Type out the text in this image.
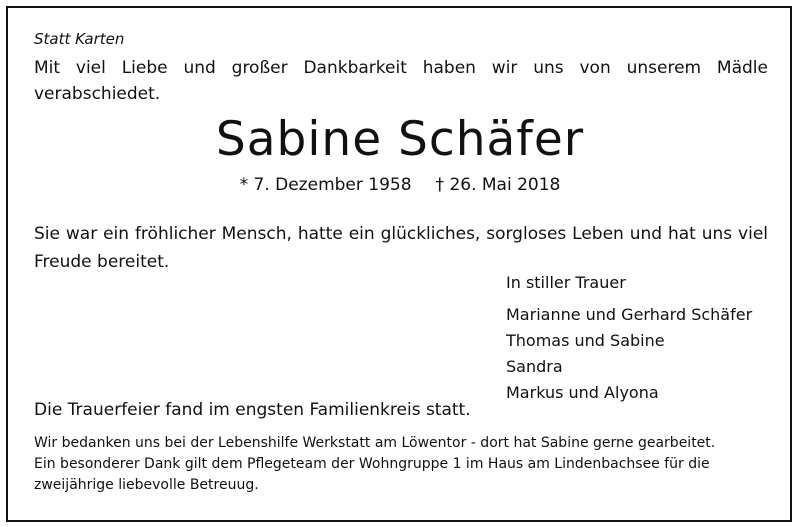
Statt Karten
Mit viel Liebe und großer Dankbarkeit haben wir uns von unserem Mädle verabschiedet.
Sabine Schäfer
* 7. Dezember 1958 † 26. Mai 2018
Sie war ein fröhlicher Mensch, hatte ein glückliches, sorgloses Leben und hat uns viel Freude bereitet.
In stiller Trauer
Marianne und Gerhard Schäfer
Thomas und Sabine
Sandra
Markus und Alyona
Die Trauerfeier fand im engsten Familienkreis statt.
Wir bedanken uns bei der Lebenshilfe Werkstatt am Löwentor - dort hat Sabine gerne gearbeitet.
Ein besonderer Dank gilt dem Pflegeteam der Wohngruppe 1 im Haus am Lindenbachsee für die zweijährige liebevolle Betreuug.
